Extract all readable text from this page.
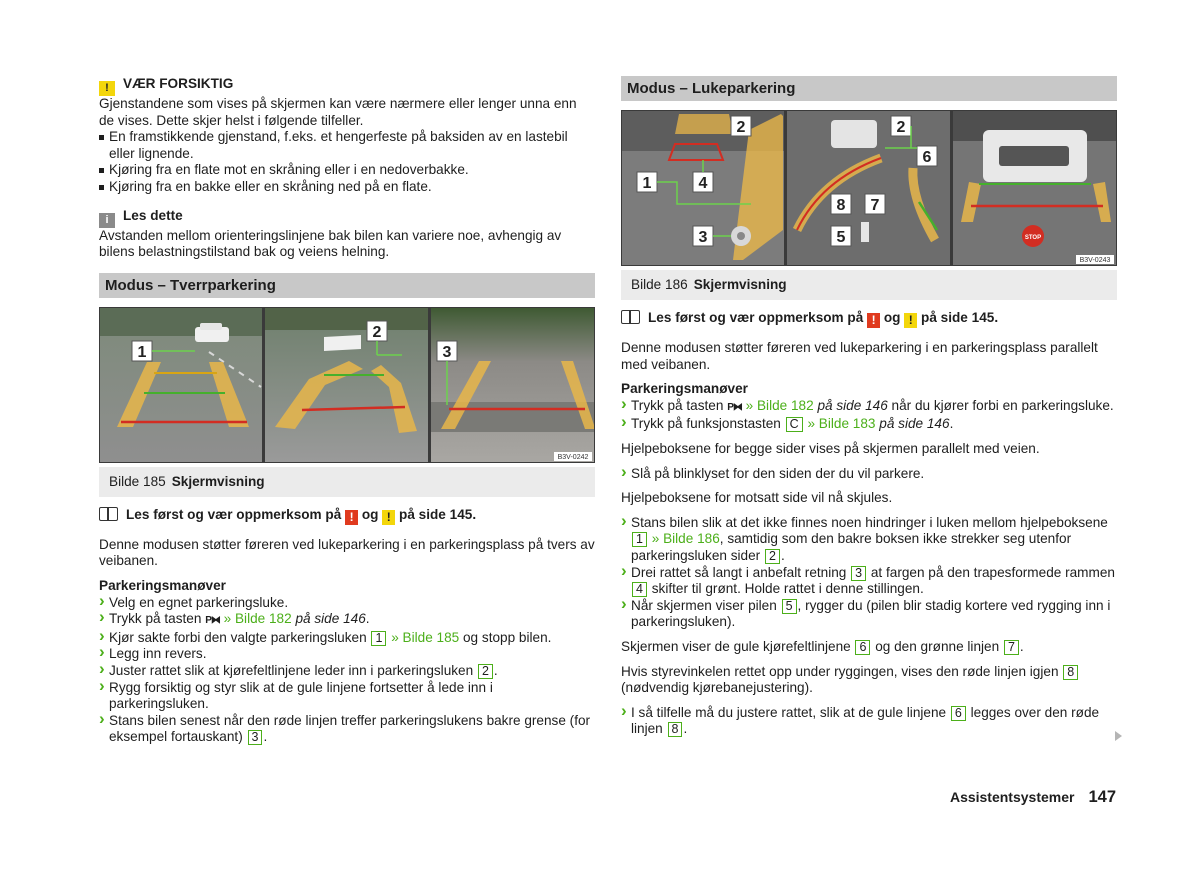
! VÆR FORSIKTIG

Gjenstandene som vises på skjermen kan være nærmere eller lenger unna enn de vises. Dette skjer helst i følgende tilfeller.

En framstikkende gjenstand, f.eks. et hengerfeste på baksiden av en lastebil eller lignende.

Kjøring fra en flate mot en skråning eller i en nedoverbakke.

Kjøring fra en bakke eller en skråning ned på en flate.

i Les dette

Avstanden mellom orienteringslinjene bak bilen kan variere noe, avhengig av bilens belastningstilstand bak og veiens helning.

Modus – Tverrparkering
1
2
3
B3V-0242
Bilde 185 Skjermvisning

Les først og vær oppmerksom på ! og ! på side 145.

Denne modusen støtter føreren ved lukeparkering i en parkeringsplass på tvers av veibanen.

Parkeringsmanøver

› Velg en egnet parkeringsluke.

› Trykk på tasten P⧓ » Bilde 182 på side 146.

› Kjør sakte forbi den valgte parkeringsluken 1 » Bilde 185 og stopp bilen.

› Legg inn revers.

› Juster rattet slik at kjørefeltlinjene leder inn i parkeringsluken 2 .

› Rygg forsiktig og styr slik at de gule linjene fortsetter å lede inn i parkeringsluken.

› Stans bilen senest når den røde linjen treffer parkeringslukens bakre grense (for eksempel fortauskant) 3 .

Modus – Lukeparkering
2
1	4
3
2
6
8 7
5	STOP
B3V-0243
Bilde 186 Skjermvisning

Les først og vær oppmerksom på ! og ! på side 145.

Denne modusen støtter føreren ved lukeparkering i en parkeringsplass parallelt med veibanen.

Parkeringsmanøver

› Trykk på tasten P⧓ » Bilde 182 på side 146 når du kjører forbi en parkeringsluke.

› Trykk på funksjonstasten C » Bilde 183 på side 146.

Hjelpeboksene for begge sider vises på skjermen parallelt med veien.

› Slå på blinklyset for den siden der du vil parkere.

Hjelpeboksene for motsatt side vil nå skjules.

› Stans bilen slik at det ikke finnes noen hindringer i luken mellom hjelpeboksene 1 » Bilde 186, samtidig som den bakre boksen ikke strekker seg utenfor parkeringsluken sider 2 .

› Drei rattet så langt i anbefalt retning 3 at fargen på den trapesformede rammen 4 skifter til grønt. Holde rattet i denne stillingen.

› Når skjermen viser pilen 5 , rygger du (pilen blir stadig kortere ved rygging inn i parkeringsluken).

Skjermen viser de gule kjørefeltlinjene 6 og den grønne linjen 7 .

Hvis styrevinkelen rettet opp under ryggingen, vises den røde linjen igjen 8 (nødvendig kjørebanejustering).

› I så tilfelle må du justere rattet, slik at de gule linjene 6 legges over den røde linjen 8 .

Assistentsystemer 147
